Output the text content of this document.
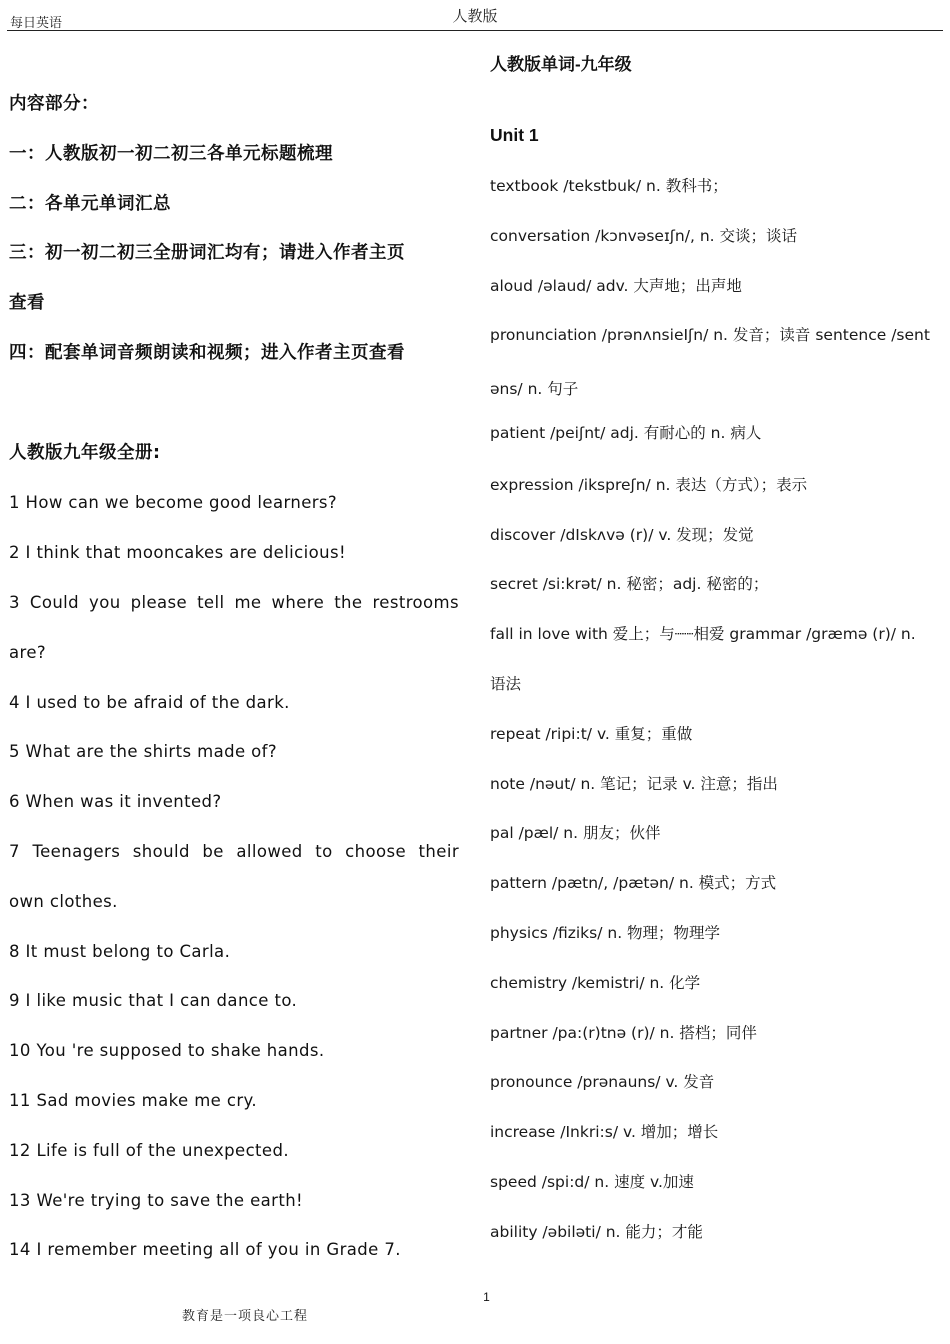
每日英语	人教版
内容部分：
一：人教版初一初二初三各单元标题梳理
二：各单元单词汇总
三：初一初二初三全册词汇均有；请进入作者主页
查看
四：配套单词音频朗读和视频；进入作者主页查看
人教版九年级全册:
1 How can we become good learners?
2 I think that mooncakes are delicious!
3 Could you please tell me where the restrooms
are?
4 I used to be afraid of the dark.
5 What are the shirts made of?
6 When was it invented?
7 Teenagers should be allowed to choose their
own clothes.
8 It must belong to Carla.
9 I like music that I can dance to.
10 You 're supposed to shake hands.
11 Sad movies make me cry.
12 Life is full of the unexpected.
13 We're trying to save the earth!
14 I remember meeting all of you in Grade 7.
人教版单词-九年级
Unit 1
textbook /tekstbuk/ n. 教科书；
conversation /kɔnvəseɪʃn/, n. 交谈；谈话
aloud /əlaud/ adv. 大声地；出声地
pronunciation /prənʌnsieIʃn/ n. 发音；读音 sentence /sent
əns/ n. 句子
patient /peiʃnt/ adj. 有耐心的 n. 病人
expression /ikspreʃn/ n. 表达（方式）；表示
discover /dIskʌvə (r)/ v. 发现；发觉
secret /si:krət/ n. 秘密；adj. 秘密的；
fall in love with 爱上；与┈┈相爱 grammar /græmə (r)/ n.
语法
repeat /ripi:t/ v. 重复；重做
note /nəut/ n. 笔记；记录 v. 注意；指出
pal /pæl/ n. 朋友；伙伴
pattern /pætn/, /pætən/ n. 模式；方式
physics /fiziks/ n. 物理；物理学
chemistry /kemistri/ n. 化学
partner /pa:(r)tnə (r)/ n. 搭档；同伴
pronounce /prənauns/ v. 发音
increase /Inkri:s/ v. 增加；增长
speed /spi:d/ n. 速度 v.加速
ability /əbiləti/ n. 能力；才能
1
教育是一项良心工程
